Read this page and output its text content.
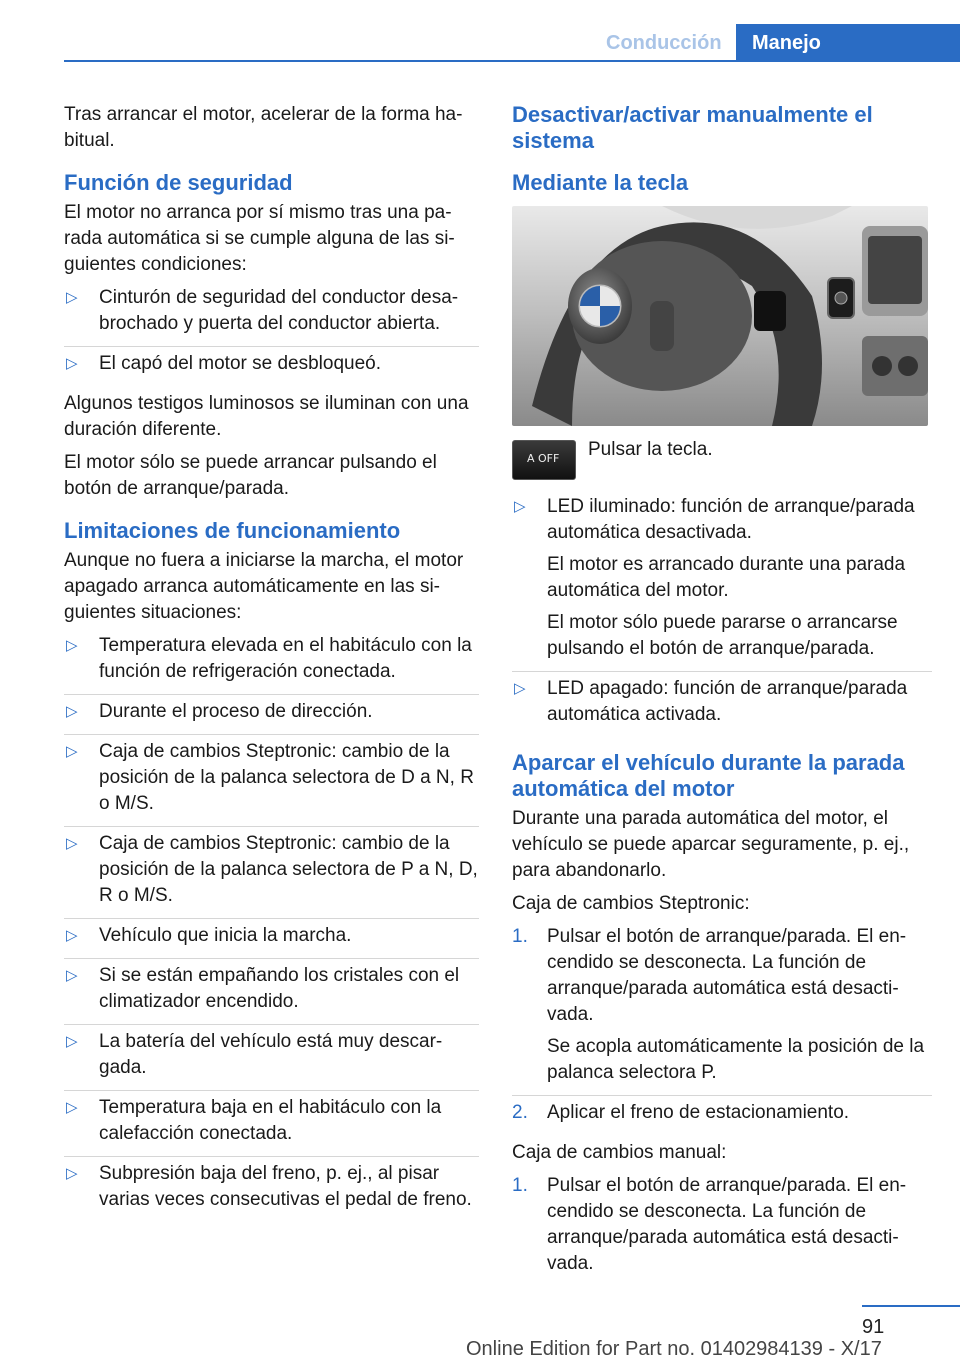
Conducción	Manejo

Tras arrancar el motor, acelerar de la forma ha‐bitual.

Función de seguridad

El motor no arranca por sí mismo tras una pa‐rada automática si se cumple alguna de las si‐guientes condiciones:

▷ Cinturón de seguridad del conductor desa‐brochado y puerta del conductor abierta.
▷ El capó del motor se desbloqueó.

Algunos testigos luminosos se iluminan con una duración diferente.

El motor sólo se puede arrancar pulsando el botón de arranque/parada.

Limitaciones de funcionamiento

Aunque no fuera a iniciarse la marcha, el motor apagado arranca automáticamente en las si‐guientes situaciones:

▷ Temperatura elevada en el habitáculo con la función de refrigeración conectada.
▷ Durante el proceso de dirección.
▷ Caja de cambios Steptronic: cambio de la posición de la palanca selectora de D a N, R o M/S.
▷ Caja de cambios Steptronic: cambio de la posición de la palanca selectora de P a N, D, R o M/S.
▷ Vehículo que inicia la marcha.
▷ Si se están empañando los cristales con el climatizador encendido.
▷ La batería del vehículo está muy descar‐gada.
▷ Temperatura baja en el habitáculo con la calefacción conectada.
▷ Subpresión baja del freno, p. ej., al pisar varias veces consecutivas el pedal de freno.
Desactivar/activar manualmente el sistema
Mediante la tecla
A OFF Pulsar la tecla.
▷ LED iluminado: función de arranque/parada automática desactivada.
El motor es arrancado durante una parada automática del motor.
El motor sólo puede pararse o arrancarse pulsando el botón de arranque/parada.
▷ LED apagado: función de arranque/parada automática activada.
Aparcar el vehículo durante la parada automática del motor

Durante una parada automática del motor, el vehículo se puede aparcar seguramente, p. ej., para abandonarlo.

Caja de cambios Steptronic:

1. Pulsar el botón de arranque/parada. El en‐cendido se desconecta. La función de arranque/parada automática está desacti‐vada.
Se acopla automáticamente la posición de la palanca selectora P.
2. Aplicar el freno de estacionamiento.

Caja de cambios manual:

1. Pulsar el botón de arranque/parada. El en‐cendido se desconecta. La función de arranque/parada automática está desacti‐vada.
91
Online Edition for Part no. 01402984139 - X/17
